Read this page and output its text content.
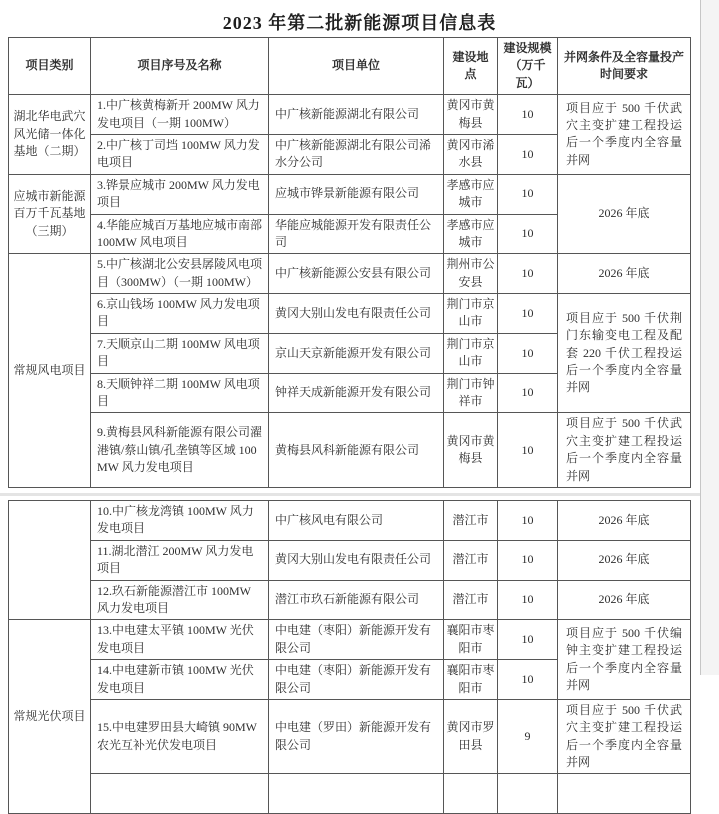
2023 年第二批新能源项目信息表
项目类别	项目序号及名称	项目单位	建设地点	建设规模（万千瓦）	并网条件及全容量投产时间要求
湖北华电武穴风光储一体化基地（二期）	1.中广核黄梅新开 200MW 风力发电项目（一期 100MW）	中广核新能源湖北有限公司	黄冈市黄梅县	10	项目应于 500 千伏武穴主变扩建工程投运后一个季度内全容量并网
	2.中广核丁司垱 100MW 风力发电项目	中广核新能源湖北有限公司浠水分公司	黄冈市浠水县	10	
应城市新能源百万千瓦基地（三期）	3.铧景应城市 200MW 风力发电项目	应城市铧景新能源有限公司	孝感市应城市	10	2026 年底
	4.华能应城百万基地应城市南部 100MW 风电项目	华能应城能源开发有限责任公司	孝感市应城市	10	
常规风电项目	5.中广核湖北公安县孱陵风电项目（300MW）（一期 100MW）	中广核新能源公安县有限公司	荆州市公安县	10	2026 年底
	6.京山钱场 100MW 风力发电项目	黄冈大别山发电有限责任公司	荆门市京山市	10	项目应于 500 千伏荆门东输变电工程及配套 220 千伏工程投运后一个季度内全容量并网
	7.天顺京山二期 100MW 风电项目	京山天京新能源开发有限公司	荆门市京山市	10	
	8.天顺钟祥二期 100MW 风电项目	钟祥天成新能源开发有限公司	荆门市钟祥市	10	
	9.黄梅县风科新能源有限公司濯港镇/蔡山镇/孔垄镇等区域 100MW 风力发电项目	黄梅县风科新能源有限公司	黄冈市黄梅县	10	项目应于 500 千伏武穴主变扩建工程投运后一个季度内全容量并网
	10.中广核龙湾镇 100MW 风力发电项目	中广核风电有限公司	潜江市	10	2026 年底
	11.湖北潜江 200MW 风力发电项目	黄冈大别山发电有限责任公司	潜江市	10	2026 年底
	12.玖石新能源潜江市 100MW 风力发电项目	潜江市玖石新能源有限公司	潜江市	10	2026 年底
常规光伏项目	13.中电建太平镇 100MW 光伏发电项目	中电建（枣阳）新能源开发有限公司	襄阳市枣阳市	10	项目应于 500 千伏编钟主变扩建工程投运后一个季度内全容量并网
	14.中电建新市镇 100MW 光伏发电项目	中电建（枣阳）新能源开发有限公司	襄阳市枣阳市	10	
	15.中电建罗田县大崎镇 90MW 农光互补光伏发电项目	中电建（罗田）新能源开发有限公司	黄冈市罗田县	9	项目应于 500 千伏武穴主变扩建工程投运后一个季度内全容量并网
